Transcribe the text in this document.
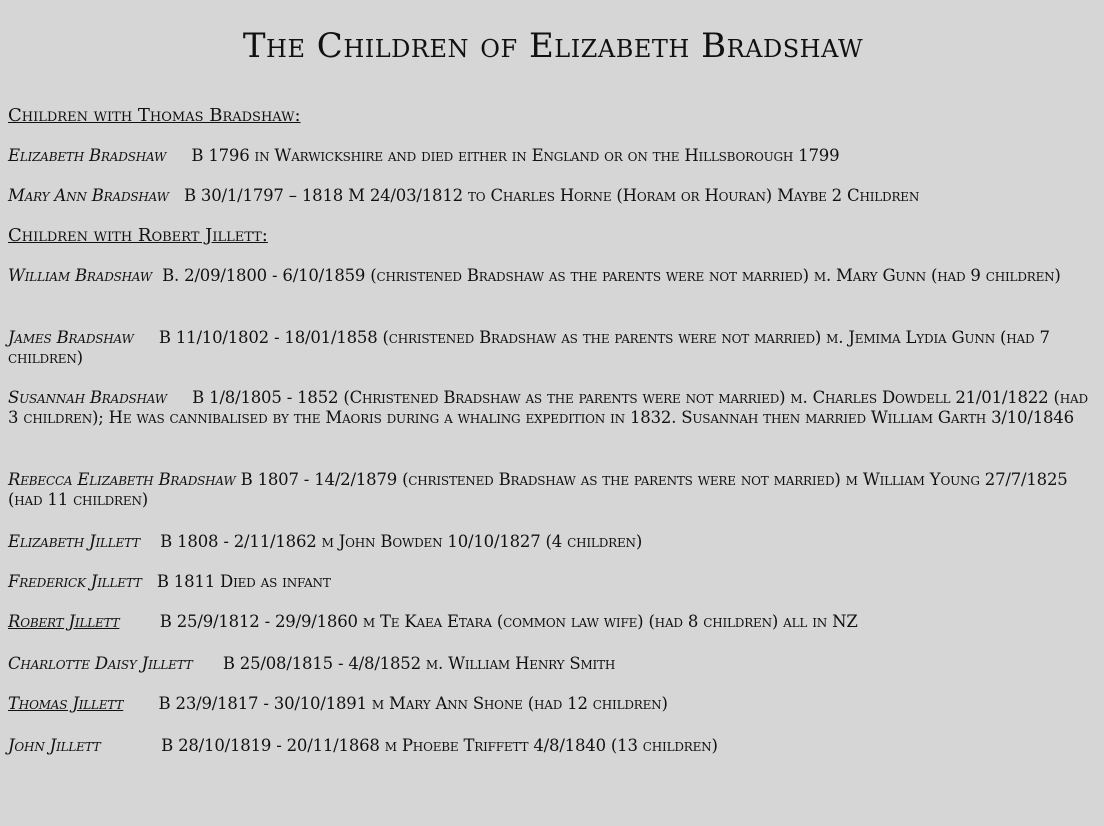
The Children of Elizabeth Bradshaw
Children with Thomas Bradshaw:
Elizabeth Bradshaw B 1796 in Warwickshire and died either in England or on the Hillsborough 1799
Mary Ann Bradshaw B 30/1/1797 – 1818 M 24/03/1812 to Charles Horne (Horam or Houran) Maybe 2 Children
Children with Robert Jillett:
William Bradshaw B. 2/09/1800 - 6/10/1859 (christened Bradshaw as the parents were not married) m. Mary Gunn (had 9 children)
James Bradshaw B 11/10/1802 - 18/01/1858 (christened Bradshaw as the parents were not married) m. Jemima Lydia Gunn (had 7 children)
Susannah Bradshaw B 1/8/1805 - 1852 (Christened Bradshaw as the parents were not married) m. Charles Dowdell 21/01/1822 (had 3 children); He was cannibalised by the Maoris during a whaling expedition in 1832. Susannah then married William Garth 3/10/1846
Rebecca Elizabeth Bradshaw B 1807 - 14/2/1879 (christened Bradshaw as the parents were not married) m William Young 27/7/1825 (had 11 children)
Elizabeth Jillett B 1808 - 2/11/1862 m John Bowden 10/10/1827 (4 children)
Frederick Jillett B 1811 Died as infant
Robert Jillett B 25/9/1812 - 29/9/1860 m Te Kaea Etara (common law wife) (had 8 children) all in NZ
Charlotte Daisy Jillett B 25/08/1815 - 4/8/1852 m. William Henry Smith
Thomas Jillett B 23/9/1817 - 30/10/1891 m Mary Ann Shone (had 12 children)
John Jillett	B 28/10/1819 - 20/11/1868 m Phoebe Triffett 4/8/1840 (13 children)
